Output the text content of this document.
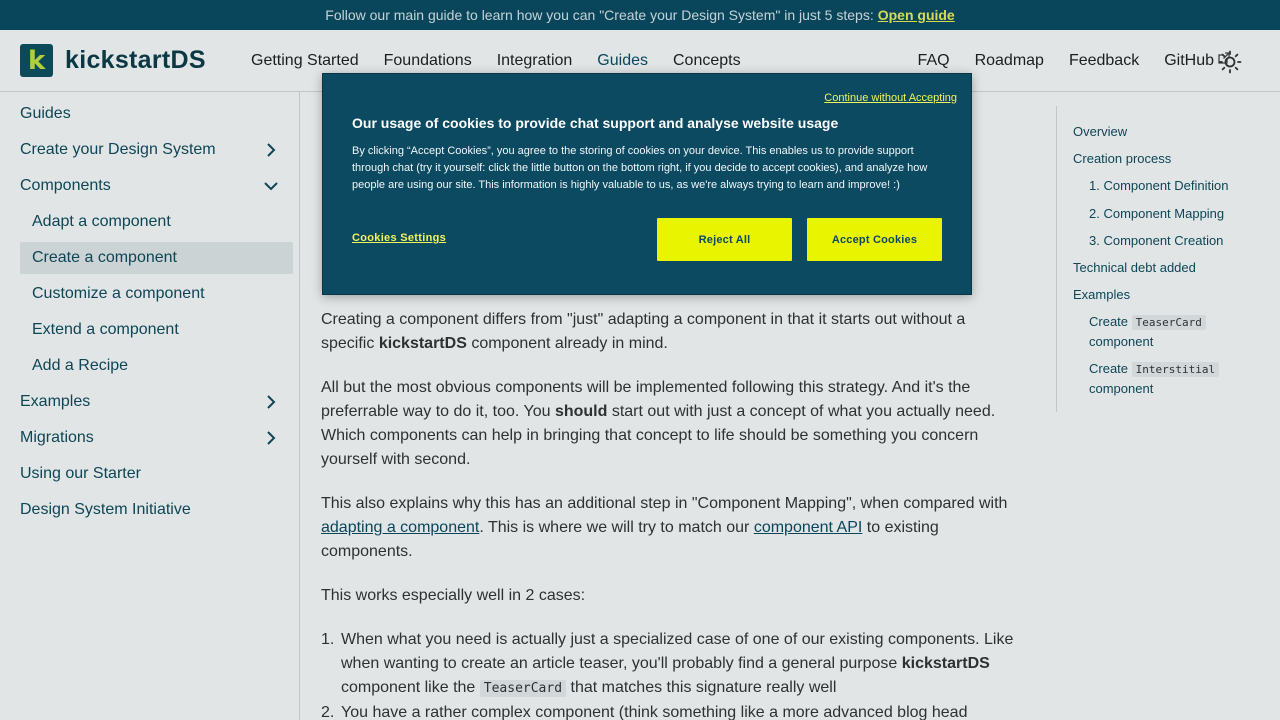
Follow our main guide to learn how you can "Create your Design System" in just 5 steps: Open guide
k kickstartDS	Getting Started Foundations Integration Guides Concepts	FAQ Roadmap Feedback GitHub
Guides
Create your Design System
Components
Adapt a component
Create a component
Customize a component
Extend a component
Add a Recipe
Examples
Migrations
Using our Starter
Design System Initiative

Creating a component differs from "just" adapting a component in that it starts out without a specific kickstartDS component already in mind.

All but the most obvious components will be implemented following this strategy. And it's the preferrable way to do it, too. You should start out with just a concept of what you actually need. Which components can help in bringing that concept to life should be something you concern yourself with second.

This also explains why this has an additional step in "Component Mapping", when compared with adapting a component. This is where we will try to match our component API to existing components.

This works especially well in 2 cases:

1. When what you need is actually just a specialized case of one of our existing components. Like when wanting to create an article teaser, you'll probably find a general purpose kickstartDS component like the TeaserCard that matches this signature really well
2. You have a rather complex component (think something like a more advanced blog head
Overview
Creation process
1. Component Definition
2. Component Mapping
3. Component Creation
Technical debt added
Examples
Create TeaserCard
component
Create Interstitial
component
Continue without Accepting
Our usage of cookies to provide chat support and analyse website usage
By clicking “Accept Cookies”, you agree to the storing of cookies on your device. This enables us to provide support through chat (try it yourself: click the little button on the bottom right, if you decide to accept cookies), and analyze how people are using our site. This information is highly valuable to us, as we're always trying to learn and improve! :)
Cookies Settings	Reject All	Accept Cookies
